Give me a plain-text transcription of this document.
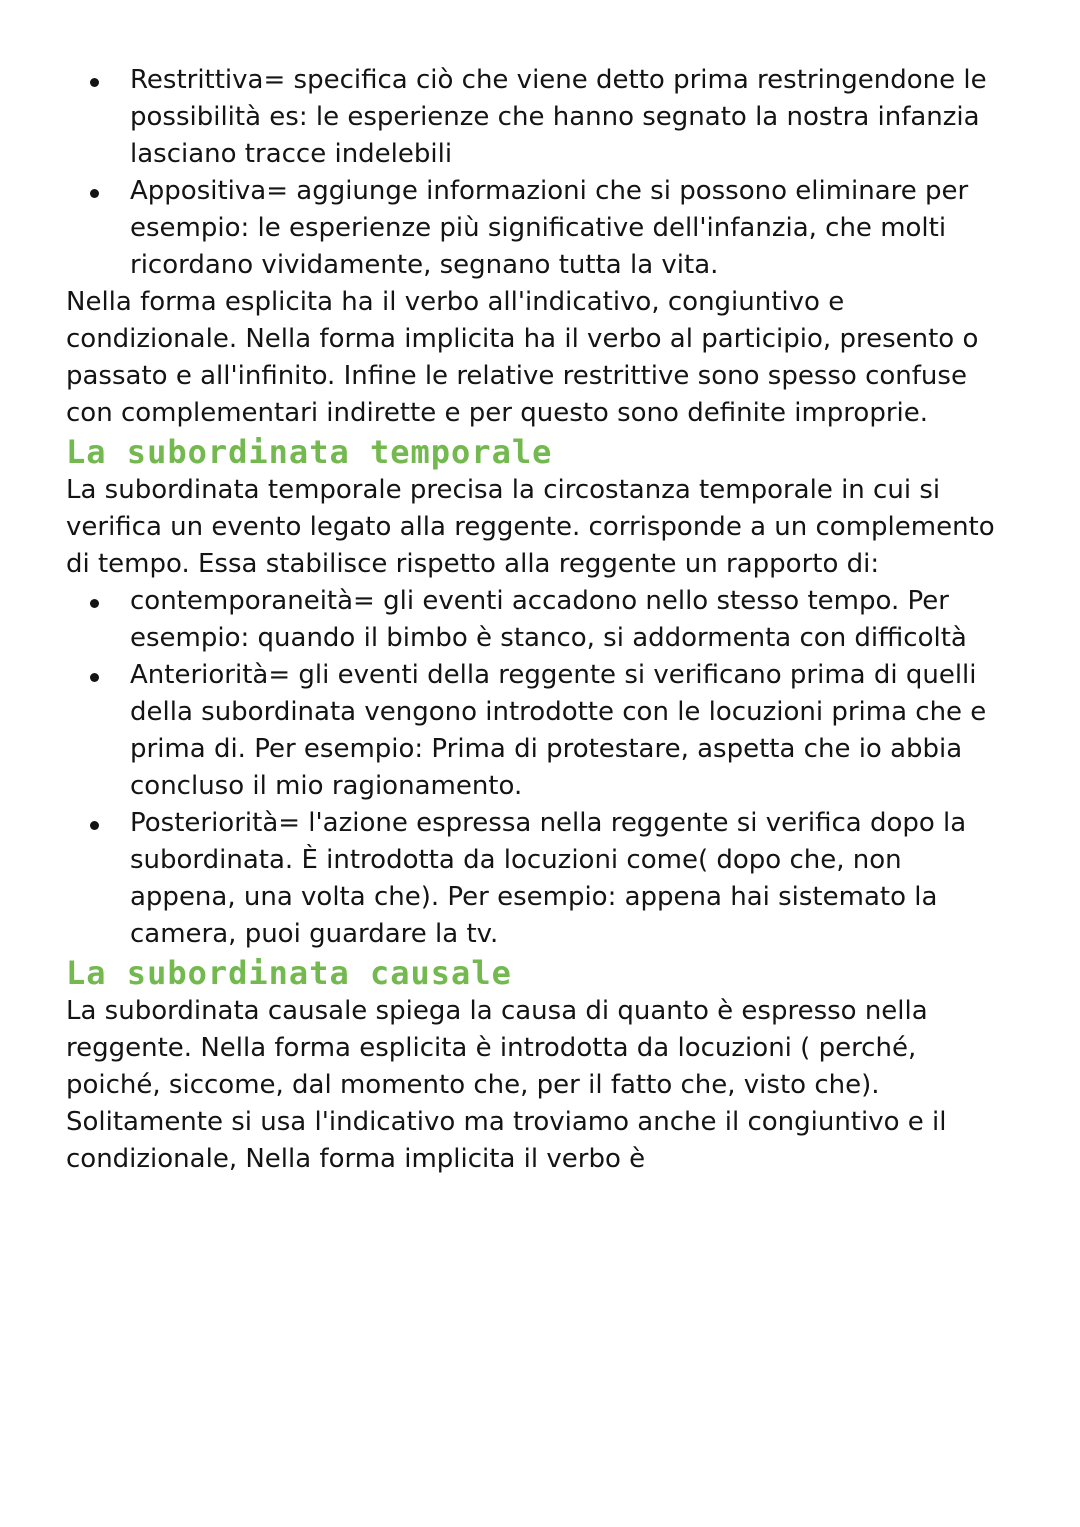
Restrittiva= specifica ciò che viene detto prima restringendone le possibilità es: le esperienze che hanno segnato la nostra infanzia lasciano tracce indelebili
Appositiva= aggiunge informazioni che si possono eliminare per esempio: le esperienze più significative dell'infanzia, che molti ricordano vividamente, segnano tutta la vita.

Nella forma esplicita ha il verbo all'indicativo, congiuntivo e condizionale. Nella forma implicita ha il verbo al participio, presento o passato e all'infinito. Infine le relative restrittive sono spesso confuse con complementari indirette e per questo sono definite improprie.

La subordinata temporale

La subordinata temporale precisa la circostanza temporale in cui si verifica un evento legato alla reggente. corrisponde a un complemento di tempo. Essa stabilisce rispetto alla reggente un rapporto di:

contemporaneità= gli eventi accadono nello stesso tempo. Per esempio: quando il bimbo è stanco, si addormenta con difficoltà
Anteriorità= gli eventi della reggente si verificano prima di quelli della subordinata vengono introdotte con le locuzioni prima che e prima di. Per esempio: Prima di protestare, aspetta che io abbia concluso il mio ragionamento.
Posteriorità= l'azione espressa nella reggente si verifica dopo la subordinata. È introdotta da locuzioni come( dopo che, non appena, una volta che). Per esempio: appena hai sistemato la camera, puoi guardare la tv.
La subordinata causale

La subordinata causale spiega la causa di quanto è espresso nella reggente. Nella forma esplicita è introdotta da locuzioni ( perché, poiché, siccome, dal momento che, per il fatto che, visto che). Solitamente si usa l'indicativo ma troviamo anche il congiuntivo e il condizionale, Nella forma implicita il verbo è
